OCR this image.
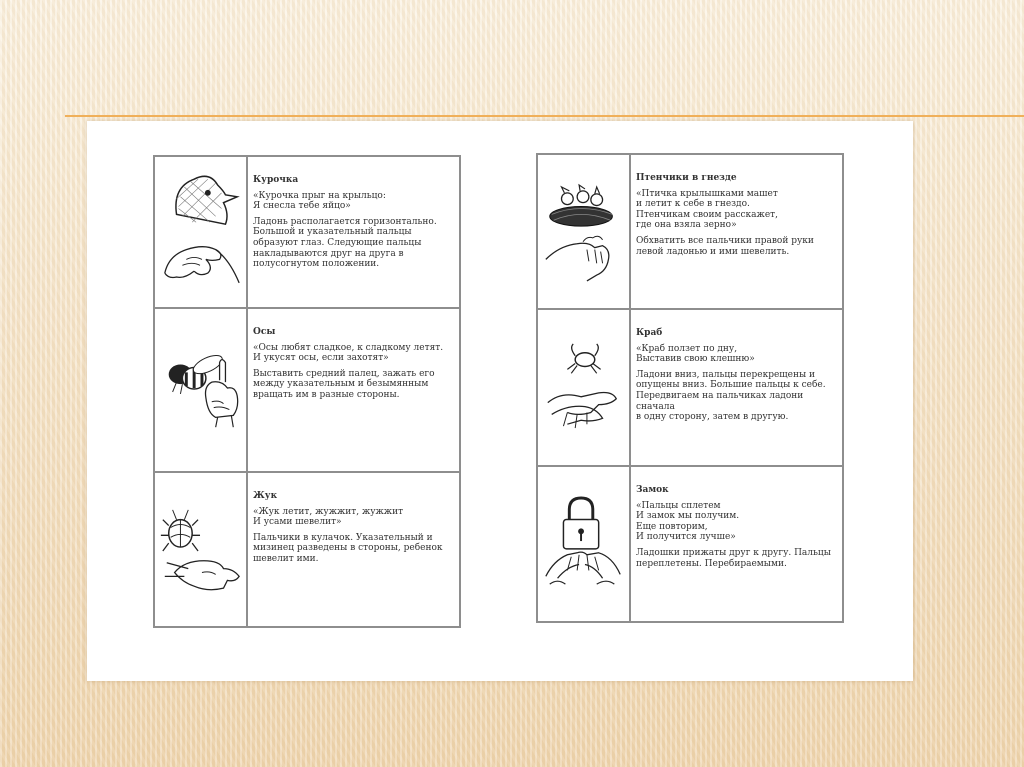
Курочка
«Курочка прыг на крыльцо:
Я снесла тебе яйцо»
Ладонь располагается горизонтально.
Большой и указательный пальцы
образуют глаз. Следующие пальцы
накладываются друг на друга в
полусогнутом положении.
Осы
«Осы любят сладкое, к сладкому летят.
И укусят осы, если захотят»
Выставить средний палец, зажать его
между указательным и безымянным
вращать им в разные стороны.
Жук
«Жук летит, жужжит, жужжит
И усами шевелит»
Пальчики в кулачок. Указательный и
мизинец разведены в стороны, ребенок
шевелит ими.
Птенчики в гнезде
«Птичка крылышками машет
и летит к себе в гнездо.
Птенчикам своим расскажет,
где она взяла зерно»
Обхватить все пальчики правой руки
левой ладонью и ими шевелить.
Краб
«Краб ползет по дну,
Выставив свою клешню»
Ладони вниз, пальцы перекрещены и
опущены вниз. Большие пальцы к себе.
Передвигаем на пальчиках ладони сначала
в одну сторону, затем в другую.
Замок
«Пальцы сплетем
И замок мы получим.
Еще повторим,
И получится лучше»
Ладошки прижаты друг к другу. Пальцы
переплетены. Перебираемыми.
